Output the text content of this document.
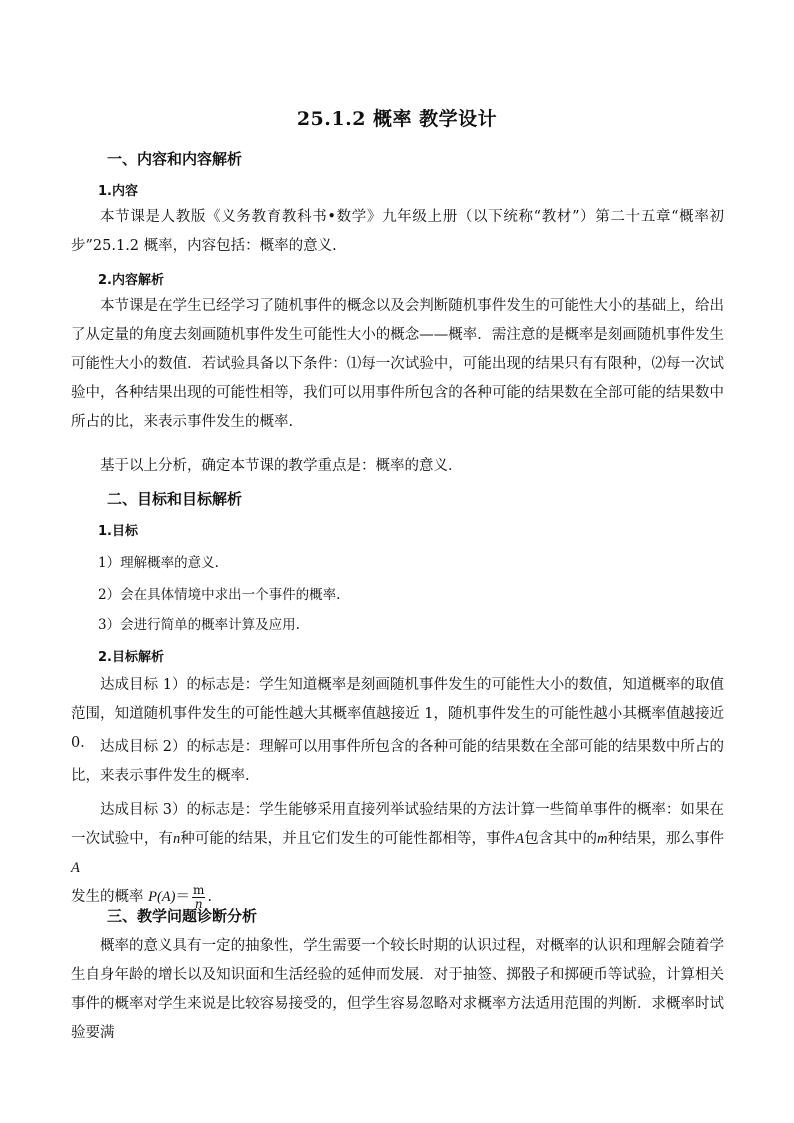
25.1.2 概率 教学设计
一、内容和内容解析
1.内容

本节课是人教版《义务教育教科书•数学》九年级上册（以下统称“教材”）第二十五章“概率初步”25.1.2 概率，内容包括：概率的意义.

2.内容解析

本节课是在学生已经学习了随机事件的概念以及会判断随机事件发生的可能性大小的基础上，给出了从定量的角度去刻画随机事件发生可能性大小的概念——概率．需注意的是概率是刻画随机事件发生可能性大小的数值．若试验具备以下条件：⑴每一次试验中，可能出现的结果只有有限种，⑵每一次试验中，各种结果出现的可能性相等，我们可以用事件所包含的各种可能的结果数在全部可能的结果数中所占的比，来表示事件发生的概率.

基于以上分析，确定本节课的教学重点是：概率的意义．

二、目标和目标解析
1.目标

1）理解概率的意义.

2）会在具体情境中求出一个事件的概率.

3）会进行简单的概率计算及应用.

2.目标解析

达成目标 1）的标志是：学生知道概率是刻画随机事件发生的可能性大小的数值，知道概率的取值范围，知道随机事件发生的可能性越大其概率值越接近 1，随机事件发生的可能性越小其概率值越接近 0． 达成目标 2）的标志是：理解可以用事件所包含的各种可能的结果数在全部可能的结果数中所占的比，来表示事件发生的概率.

达成目标 3）的标志是：学生能够采用直接列举试验结果的方法计算一些简单事件的概率：如果在一次试验中，有n种可能的结果，并且它们发生的可能性都相等，事件A包含其中的m种结果，那么事件A
发生的概率 $P(A)= \frac{m}{n}$ .

三、教学问题诊断分析

概率的意义具有一定的抽象性，学生需要一个较长时期的认识过程，对概率的认识和理解会随着学生自身年龄的增长以及知识面和生活经验的延伸而发展．对于抽签、掷骰子和掷硬币等试验，计算相关事件的概率对学生来说是比较容易接受的，但学生容易忽略对求概率方法适用范围的判断．求概率时试验要满
